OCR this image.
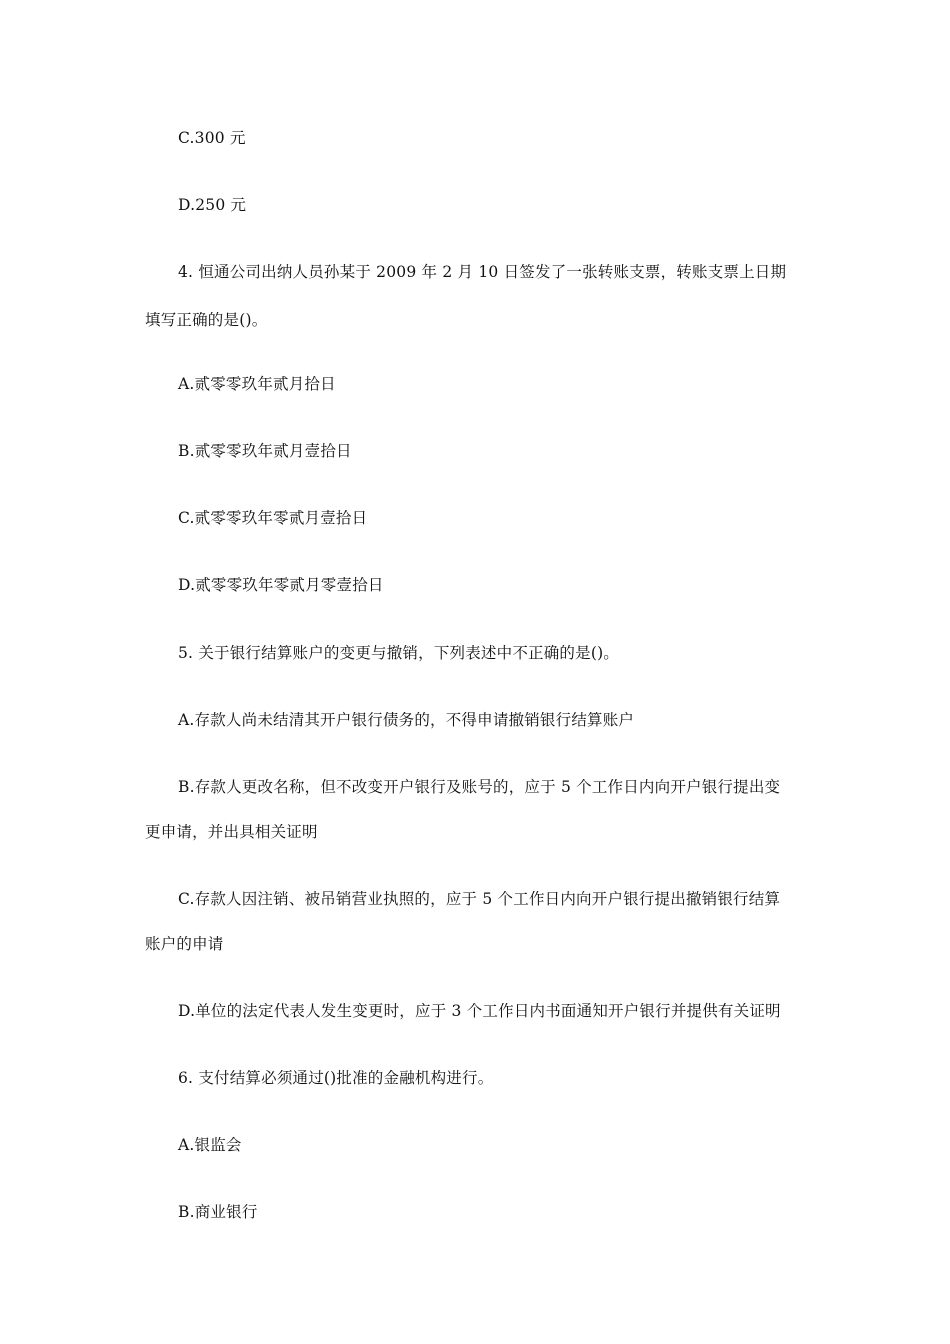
C.300 元
D.250 元
4. 恒通公司出纳人员孙某于 2009 年 2 月 10 日签发了一张转账支票，转账支票上日期
填写正确的是()。
A.贰零零玖年贰月拾日
B.贰零零玖年贰月壹拾日
C.贰零零玖年零贰月壹拾日
D.贰零零玖年零贰月零壹拾日
5. 关于银行结算账户的变更与撤销，下列表述中不正确的是()。
A.存款人尚未结清其开户银行债务的，不得申请撤销银行结算账户
B.存款人更改名称，但不改变开户银行及账号的，应于 5 个工作日内向开户银行提出变
更申请，并出具相关证明
C.存款人因注销、被吊销营业执照的，应于 5 个工作日内向开户银行提出撤销银行结算
账户的申请
D.单位的法定代表人发生变更时，应于 3 个工作日内书面通知开户银行并提供有关证明
6. 支付结算必须通过()批准的金融机构进行。
A.银监会
B.商业银行
